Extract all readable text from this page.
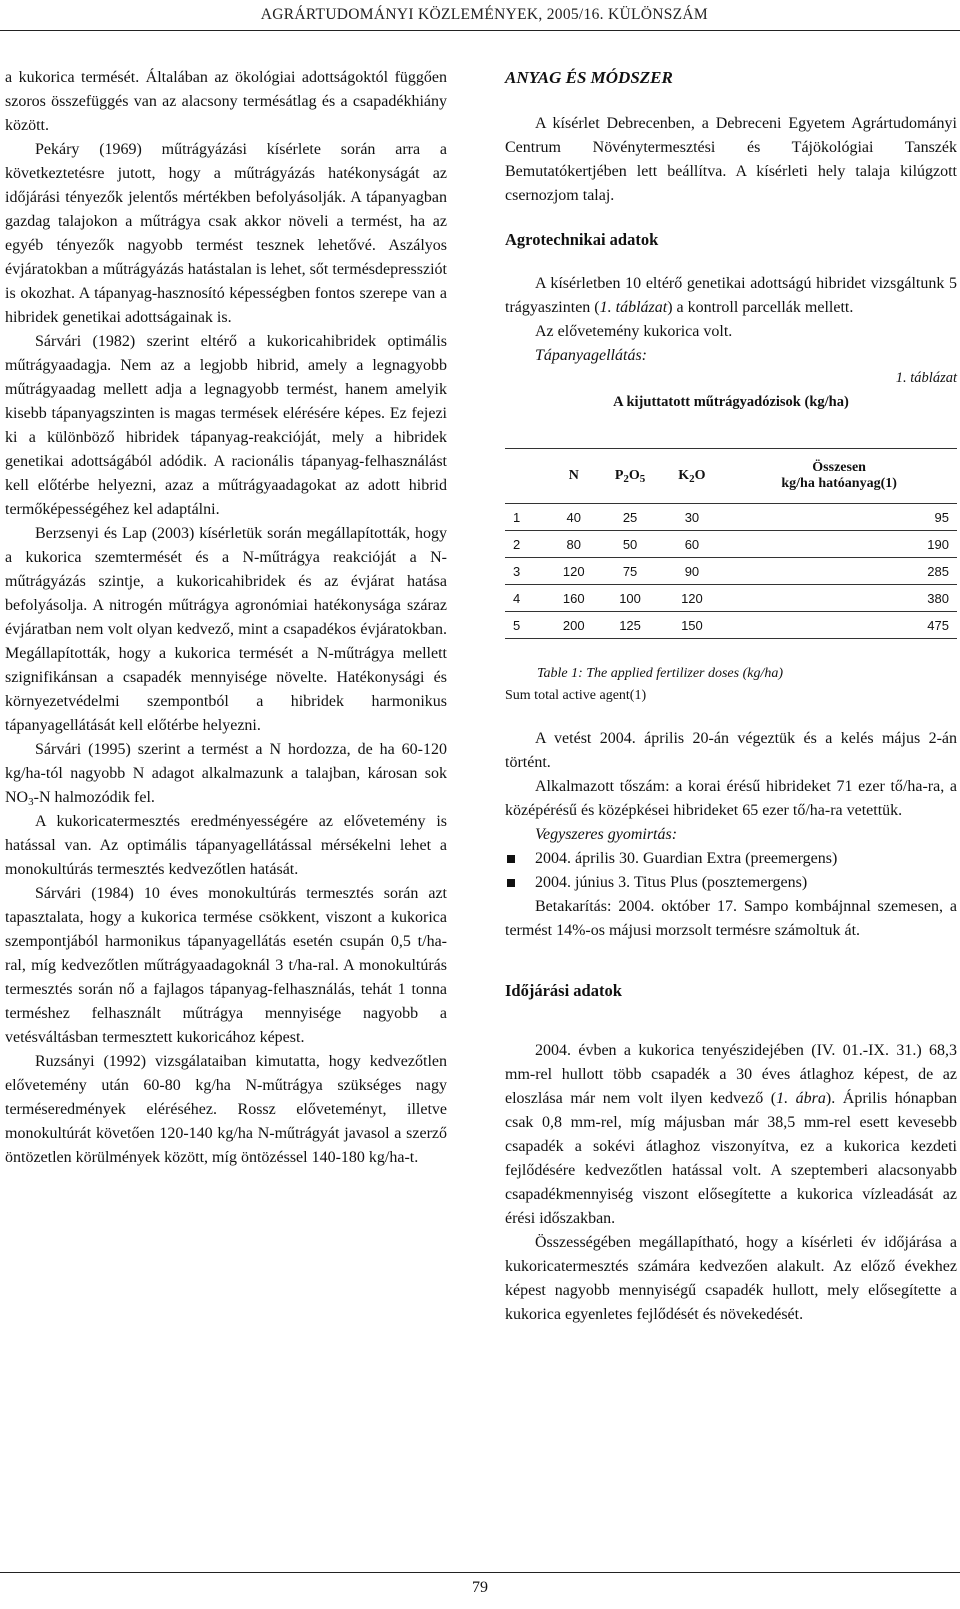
AGRÁRTUDOMÁNYI KÖZLEMÉNYEK, 2005/16. KÜLÖNSZÁM

a kukorica termését. Általában az ökológiai adottságoktól függően szoros összefüggés van az alacsony termésátlag és a csapadékhiány között.

Pekáry (1969) műtrágyázási kísérlete során arra a következtetésre jutott, hogy a műtrágyázás hatékonyságát az időjárási tényezők jelentős mértékben befolyásolják. A tápanyagban gazdag talajokon a műtrágya csak akkor növeli a termést, ha az egyéb tényezők nagyobb termést tesznek lehetővé. Aszályos évjáratokban a műtrágyázás hatástalan is lehet, sőt termésdepressziót is okozhat. A tápanyag-hasznosító képességben fontos szerepe van a hibridek genetikai adottságainak is.

Sárvári (1982) szerint eltérő a kukoricahibridek optimális műtrágyaadagja. Nem az a legjobb hibrid, amely a legnagyobb műtrágyaadag mellett adja a legnagyobb termést, hanem amelyik kisebb tápanyagszinten is magas termések elérésére képes. Ez fejezi ki a különböző hibridek tápanyag-reakcióját, mely a hibridek genetikai adottságából adódik. A racionális tápanyag-felhasználást kell előtérbe helyezni, azaz a műtrágyaadagokat az adott hibrid termőképességéhez kel adaptálni.

Berzsenyi és Lap (2003) kísérletük során megállapították, hogy a kukorica szemtermését és a N-műtrágya reakcióját a N-műtrágyázás szintje, a kukoricahibridek és az évjárat hatása befolyásolja. A nitrogén műtrágya agronómiai hatékonysága száraz évjáratban nem volt olyan kedvező, mint a csapadékos évjáratokban. Megállapították, hogy a kukorica termését a N-műtrágya mellett szignifikánsan a csapadék mennyisége növelte. Hatékonysági és környezetvédelmi szempontból a hibridek harmonikus tápanyagellátását kell előtérbe helyezni.

Sárvári (1995) szerint a termést a N hordozza, de ha 60-120 kg/ha-tól nagyobb N adagot alkalmazunk a talajban, károsan sok $NO_3-N$ halmozódik fel.

A kukoricatermesztés eredményességére az elővetemény is hatással van. Az optimális tápanyagellátással mérsékelni lehet a monokultúrás termesztés kedvezőtlen hatását.

Sárvári (1984) 10 éves monokultúrás termesztés során azt tapasztalata, hogy a kukorica termése csökkent, viszont a kukorica szempontjából harmonikus tápanyagellátás esetén csupán 0,5 t/ha-ral, míg kedvezőtlen műtrágyaadagoknál 3 t/ha-ral. A monokultúrás termesztés során nő a fajlagos tápanyag-felhasználás, tehát 1 tonna terméshez felhasznált műtrágya mennyisége nagyobb a vetésváltásban termesztett kukoricához képest.

Ruzsányi (1992) vizsgálataiban kimutatta, hogy kedvezőtlen elővetemény után 60-80 kg/ha N-műtrágya szükséges nagy terméseredmények eléréséhez. Rossz előveteményt, illetve monokultúrát követően 120-140 kg/ha N-műtrágyát javasol a szerző öntözetlen körülmények között, míg öntözéssel 140-180 kg/ha-t.

ANYAG ÉS MÓDSZER

A kísérlet Debrecenben, a Debreceni Egyetem Agrártudományi Centrum Növénytermesztési és Tájökológiai Tanszék Bemutatókertjében lett beállítva. A kísérleti hely talaja kilúgzott csernozjom talaj.

Agrotechnikai adatok

A kísérletben 10 eltérő genetikai adottságú hibridet vizsgáltunk 5 trágyaszinten (1. táblázat) a kontroll parcellák mellett.

Az elővetemény kukorica volt.

Tápanyagellátás:

1. táblázat
A kijuttatott műtrágyadózisok (kg/ha)
	N	$P_2O_5$	$K_2O$	Összesen
kg/ha hatóanyag(1)

1	40	25	30	95
2	80	50	60	190
3	120	75	90	285
4	160	100	120	380
5	200	125	150	475
Table 1: The applied fertilizer doses (kg/ha)
Sum total active agent(1)

A vetést 2004. április 20-án végeztük és a kelés május 2-án történt.

Alkalmazott tőszám: a korai érésű hibrideket 71 ezer tő/ha-ra, a középérésű és középkései hibrideket 65 ezer tő/ha-ra vetettük.

Vegyszeres gyomirtás:

2004. április 30. Guardian Extra (preemergens)
2004. június 3. Titus Plus (posztemergens)

Betakarítás: 2004. október 17. Sampo kombájnnal szemesen, a termést 14%-os májusi morzsolt termésre számoltuk át.

Időjárási adatok

2004. évben a kukorica tenyészidejében (IV. 01.-IX. 31.) 68,3 mm-rel hullott több csapadék a 30 éves átlaghoz képest, de az eloszlása már nem volt ilyen kedvező (1. ábra). Április hónapban csak 0,8 mm-rel, míg májusban már 38,5 mm-rel esett kevesebb csapadék a sokévi átlaghoz viszonyítva, ez a kukorica kezdeti fejlődésére kedvezőtlen hatással volt. A szeptemberi alacsonyabb csapadékmennyiség viszont elősegítette a kukorica vízleadását az érési időszakban.

Összességében megállapítható, hogy a kísérleti év időjárása a kukoricatermesztés számára kedvezően alakult. Az előző évekhez képest nagyobb mennyiségű csapadék hullott, mely elősegítette a kukorica egyenletes fejlődését és növekedését.

79
